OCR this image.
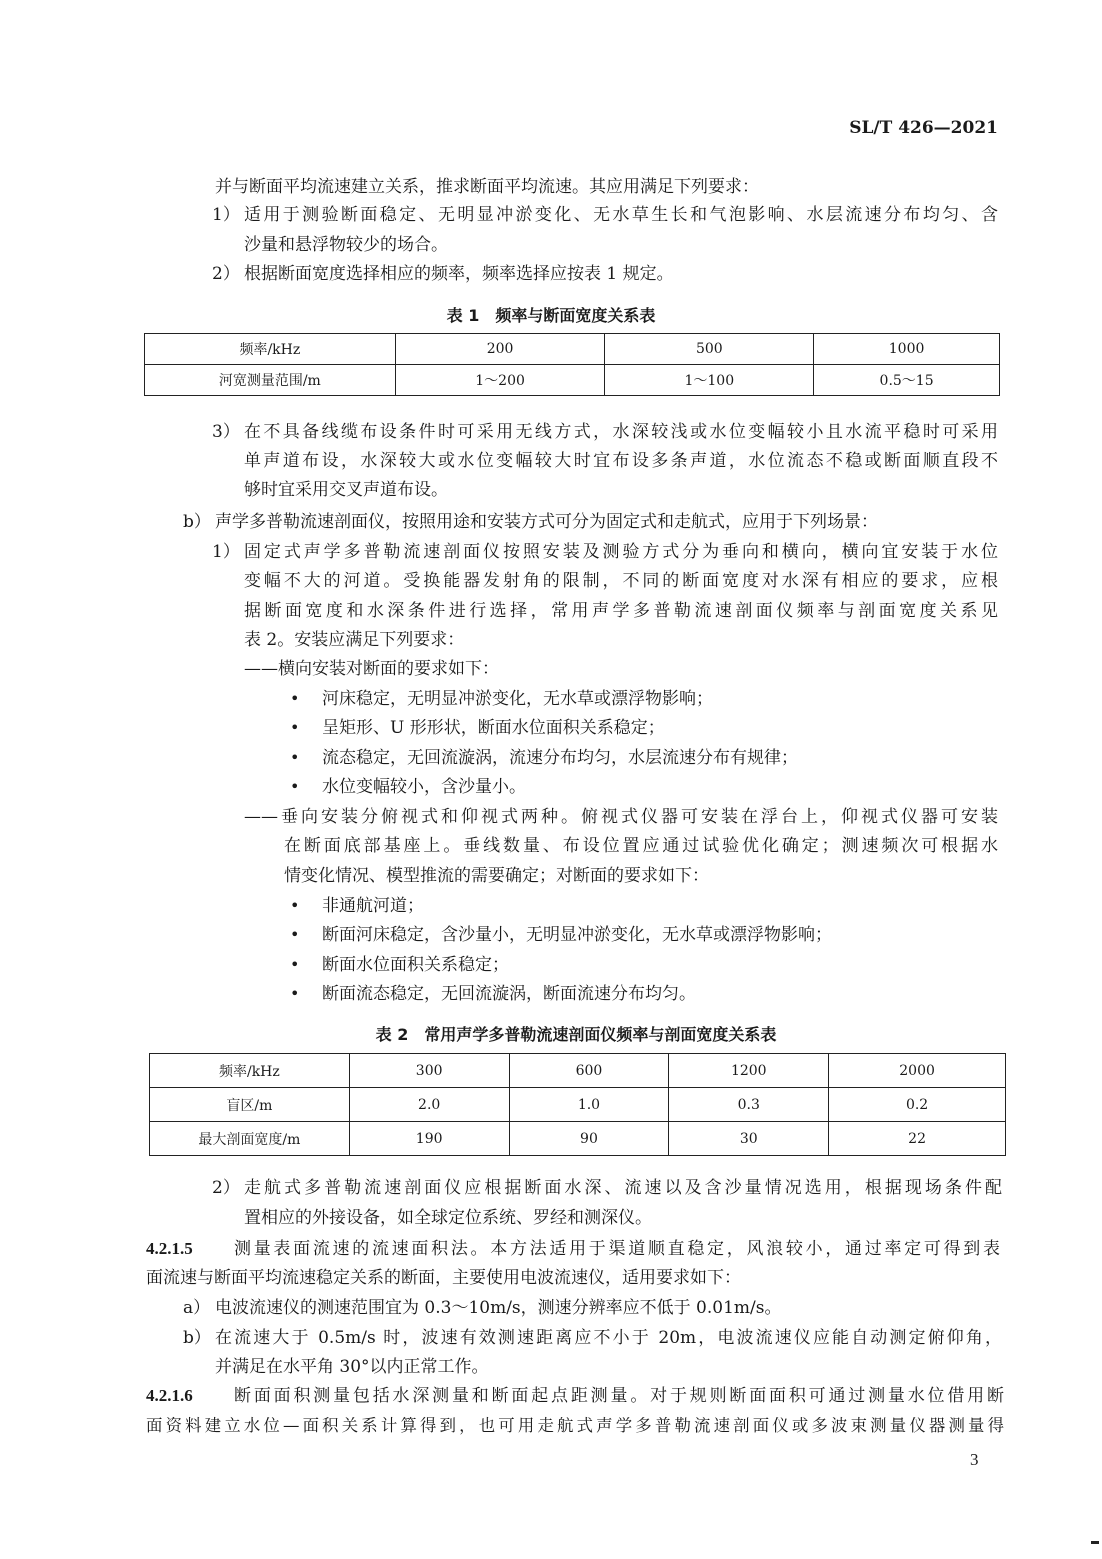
SL/T 426—2021
并与断面平均流速建立关系，推求断面平均流速。其应用满足下列要求：
1） 适用于测验断面稳定、无明显冲淤变化、无水草生长和气泡影响、水层流速分布均匀、含
沙量和悬浮物较少的场合。
2） 根据断面宽度选择相应的频率，频率选择应按表 1 规定。
表 1　频率与断面宽度关系表
频率/kHz	200	500	1000
河宽测量范围/m	1～200	1～100	0.5～15
3） 在不具备线缆布设条件时可采用无线方式，水深较浅或水位变幅较小且水流平稳时可采用
单声道布设，水深较大或水位变幅较大时宜布设多条声道，水位流态不稳或断面顺直段不
够时宜采用交叉声道布设。
b） 声学多普勒流速剖面仪，按照用途和安装方式可分为固定式和走航式，应用于下列场景：
1） 固定式声学多普勒流速剖面仪按照安装及测验方式分为垂向和横向，横向宜安装于水位
变幅不大的河道。受换能器发射角的限制，不同的断面宽度对水深有相应的要求，应根
据断面宽度和水深条件进行选择，常用声学多普勒流速剖面仪频率与剖面宽度关系见
表 2。安装应满足下列要求：
——横向安装对断面的要求如下：
• 河床稳定，无明显冲淤变化，无水草或漂浮物影响；
• 呈矩形、U 形形状，断面水位面积关系稳定；
• 流态稳定，无回流漩涡，流速分布均匀，水层流速分布有规律；
• 水位变幅较小，含沙量小。
——垂向安装分俯视式和仰视式两种。俯视式仪器可安装在浮台上，仰视式仪器可安装
在断面底部基座上。垂线数量、布设位置应通过试验优化确定；测速频次可根据水
情变化情况、模型推流的需要确定；对断面的要求如下：
• 非通航河道；
• 断面河床稳定，含沙量小，无明显冲淤变化，无水草或漂浮物影响；
• 断面水位面积关系稳定；
• 断面流态稳定，无回流漩涡，断面流速分布均匀。
表 2　常用声学多普勒流速剖面仪频率与剖面宽度关系表
频率/kHz	300	600	1200	2000
盲区/m	2.0	1.0	0.3	0.2
最大剖面宽度/m	190	90	30	22
2） 走航式多普勒流速剖面仪应根据断面水深、流速以及含沙量情况选用，根据现场条件配
置相应的外接设备，如全球定位系统、罗经和测深仪。
4.2.1.5 测量表面流速的流速面积法。本方法适用于渠道顺直稳定，风浪较小，通过率定可得到表
面流速与断面平均流速稳定关系的断面，主要使用电波流速仪，适用要求如下：
a） 电波流速仪的测速范围宜为 0.3～10m/s，测速分辨率应不低于 0.01m/s。
b） 在流速大于 0.5m/s 时，波速有效测速距离应不小于 20m，电波流速仪应能自动测定俯仰角，
并满足在水平角 30°以内正常工作。
4.2.1.6 断面面积测量包括水深测量和断面起点距测量。对于规则断面面积可通过测量水位借用断
面资料建立水位—面积关系计算得到，也可用走航式声学多普勒流速剖面仪或多波束测量仪器测量得
3
